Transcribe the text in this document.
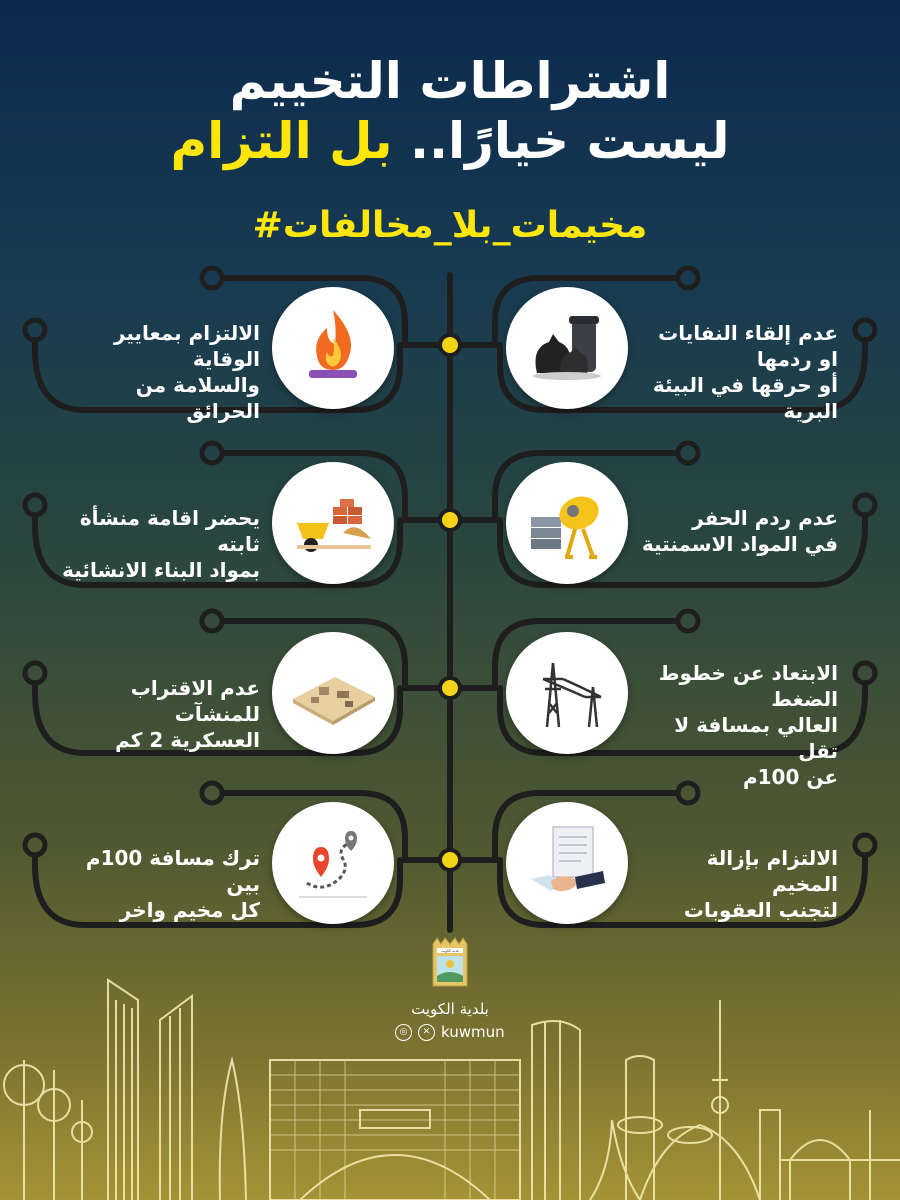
اشتراطات التخييم
ليست خيارًا.. بل التزام
#مخيمات_بلا_مخالفات
عدم إلقاء النفايات او ردمها
أو حرقها في البيئة البرية
الالتزام بمعايير الوقاية
والسلامة من الحرائق
عدم ردم الحفر
في المواد الاسمنتية
يحضر اقامة منشأة ثابته
بمواد البناء الانشائية
الابتعاد عن خطوط الضغط
العالي بمسافة لا تقل
عن 100م
عدم الاقتراب للمنشآت
العسكرية 2 كم
الالتزام بإزالة المخيم
لتجنب العقوبات
ترك مسافة 100م بين
كل مخيم واخر
بلدية الكويت
بلدية الكويت
◎	✕ kuwmun
